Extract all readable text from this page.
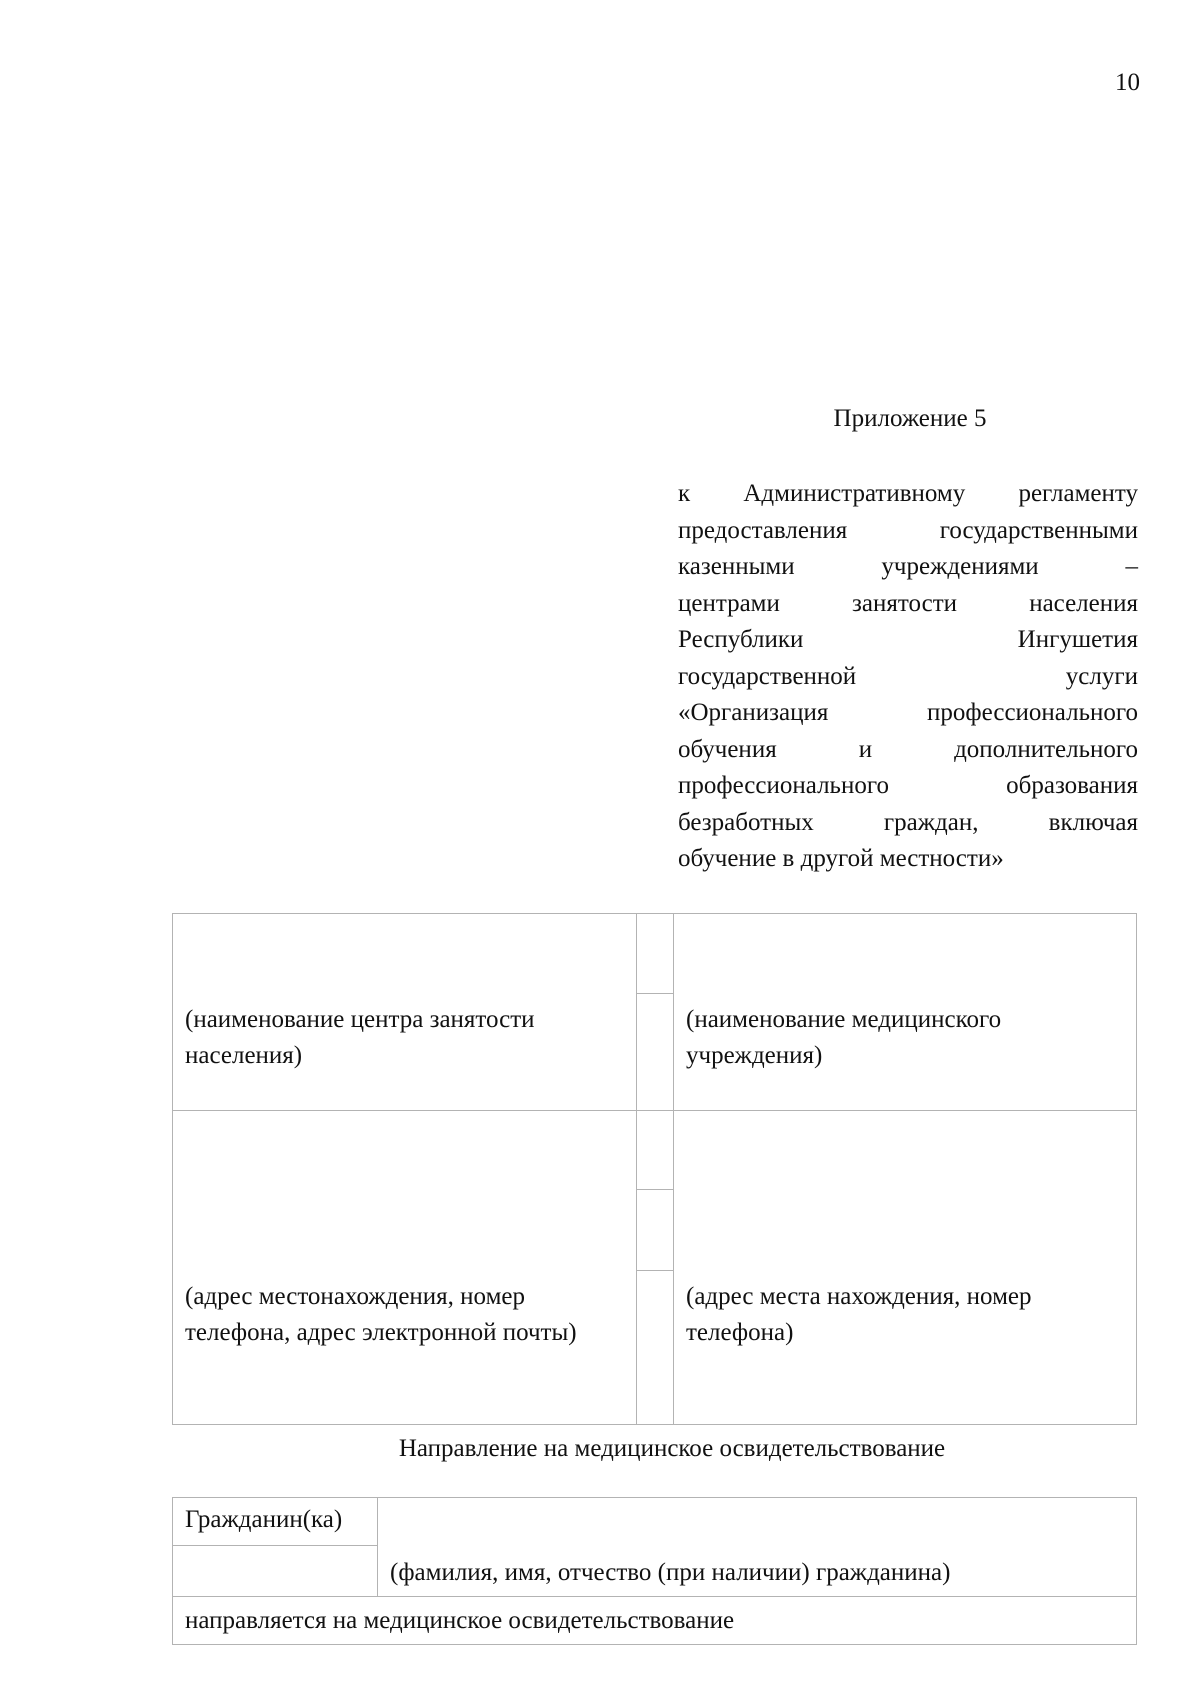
10
Приложение 5
к Административному регламенту
предоставления государственными
казенными учреждениями –
центрами занятости населения
Республики Ингушетия
государственной услуги
«Организация профессионального
обучения и дополнительного
профессионального образования
безработных граждан, включая
обучение в другой местности»
(наименование центра занятости населения)
(наименование медицинского учреждения)
(адрес местонахождения, номер телефона, адрес электронной почты)
(адрес места нахождения, номер телефона)
Направление на медицинское освидетельствование
Гражданин(ка)
(фамилия, имя, отчество (при наличии) гражданина)
направляется на медицинское освидетельствование
